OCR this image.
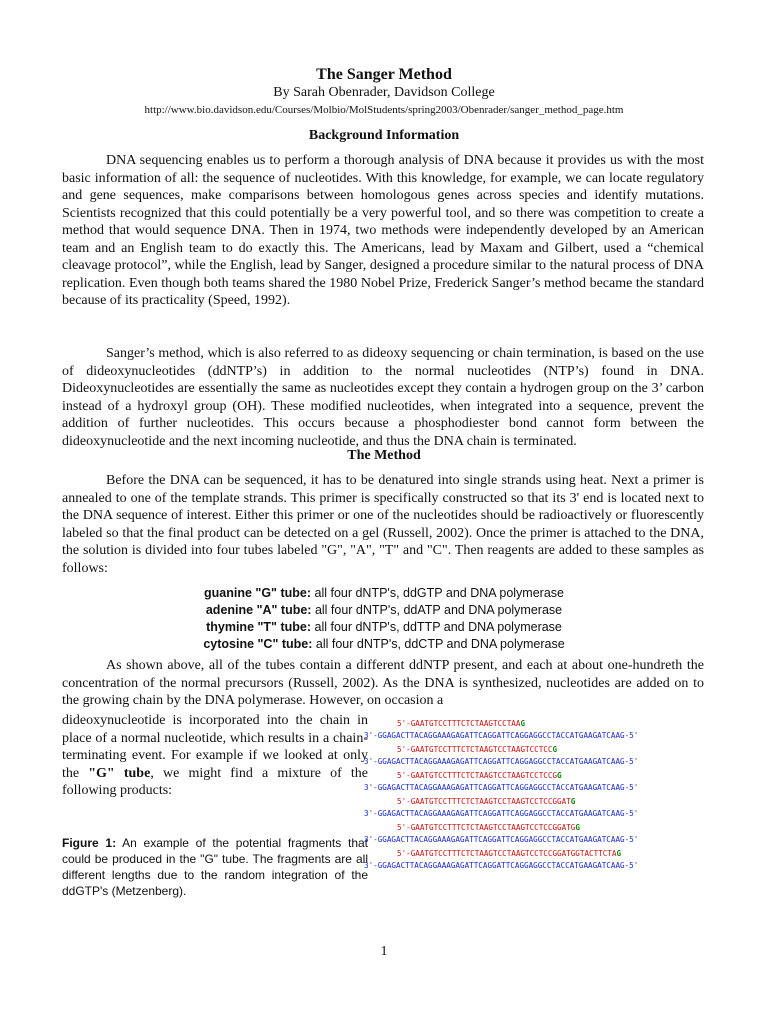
The Sanger Method
By Sarah Obenrader, Davidson College
http://www.bio.davidson.edu/Courses/Molbio/MolStudents/spring2003/Obenrader/sanger_method_page.htm
Background Information

DNA sequencing enables us to perform a thorough analysis of DNA because it provides us with the most basic information of all: the sequence of nucleotides. With this knowledge, for example, we can locate regulatory and gene sequences, make comparisons between homologous genes across species and identify mutations. Scientists recognized that this could potentially be a very powerful tool, and so there was competition to create a method that would sequence DNA. Then in 1974, two methods were independently developed by an American team and an English team to do exactly this. The Americans, lead by Maxam and Gilbert, used a “chemical cleavage protocol”, while the English, lead by Sanger, designed a procedure similar to the natural process of DNA replication. Even though both teams shared the 1980 Nobel Prize, Frederick Sanger’s method became the standard because of its practicality (Speed, 1992).

Sanger’s method, which is also referred to as dideoxy sequencing or chain termination, is based on the use of dideoxynucleotides (ddNTP’s) in addition to the normal nucleotides (NTP’s) found in DNA. Dideoxynucleotides are essentially the same as nucleotides except they contain a hydrogen group on the 3’ carbon instead of a hydroxyl group (OH). These modified nucleotides, when integrated into a sequence, prevent the addition of further nucleotides. This occurs because a phosphodiester bond cannot form between the dideoxynucleotide and the next incoming nucleotide, and thus the DNA chain is terminated.

The Method

Before the DNA can be sequenced, it has to be denatured into single strands using heat. Next a primer is annealed to one of the template strands. This primer is specifically constructed so that its 3' end is located next to the DNA sequence of interest. Either this primer or one of the nucleotides should be radioactively or fluorescently labeled so that the final product can be detected on a gel (Russell, 2002). Once the primer is attached to the DNA, the solution is divided into four tubes labeled "G", "A", "T" and "C". Then reagents are added to these samples as follows:

guanine "G" tube: all four dNTP's, ddGTP and DNA polymerase
adenine "A" tube: all four dNTP's, ddATP and DNA polymerase
thymine "T" tube: all four dNTP's, ddTTP and DNA polymerase
cytosine "C" tube: all four dNTP's, ddCTP and DNA polymerase

As shown above, all of the tubes contain a different ddNTP present, and each at about one-hundreth the concentration of the normal precursors (Russell, 2002). As the DNA is synthesized, nucleotides are added on to the growing chain by the DNA polymerase. However, on occasion a

dideoxynucleotide is incorporated into the chain in place of a normal nucleotide, which results in a chain-terminating event. For example if we looked at only the "G" tube, we might find a mixture of the following products:

Figure 1: An example of the potential fragments that could be produced in the "G" tube. The fragments are all different lengths due to the random integration of the ddGTP's (Metzenberg).

5'-GAATGTCCTTTCTCTAAGTCCTAAG
3'-GGAGACTTACAGGAAAGAGATTCAGGATTCAGGAGGCCTACCATGAAGATCAAG-5'
5'-GAATGTCCTTTCTCTAAGTCCTAAGTCCTCCG
3'-GGAGACTTACAGGAAAGAGATTCAGGATTCAGGAGGCCTACCATGAAGATCAAG-5'
5'-GAATGTCCTTTCTCTAAGTCCTAAGTCCTCCGG
3'-GGAGACTTACAGGAAAGAGATTCAGGATTCAGGAGGCCTACCATGAAGATCAAG-5'
5'-GAATGTCCTTTCTCTAAGTCCTAAGTCCTCCGGATG
3'-GGAGACTTACAGGAAAGAGATTCAGGATTCAGGAGGCCTACCATGAAGATCAAG-5'
5'-GAATGTCCTTTCTCTAAGTCCTAAGTCCTCCGGATGG
3'-GGAGACTTACAGGAAAGAGATTCAGGATTCAGGAGGCCTACCATGAAGATCAAG-5'
5'-GAATGTCCTTTCTCTAAGTCCTAAGTCCTCCGGATGGTACTTCTAG
3'-GGAGACTTACAGGAAAGAGATTCAGGATTCAGGAGGCCTACCATGAAGATCAAG-5'
1
